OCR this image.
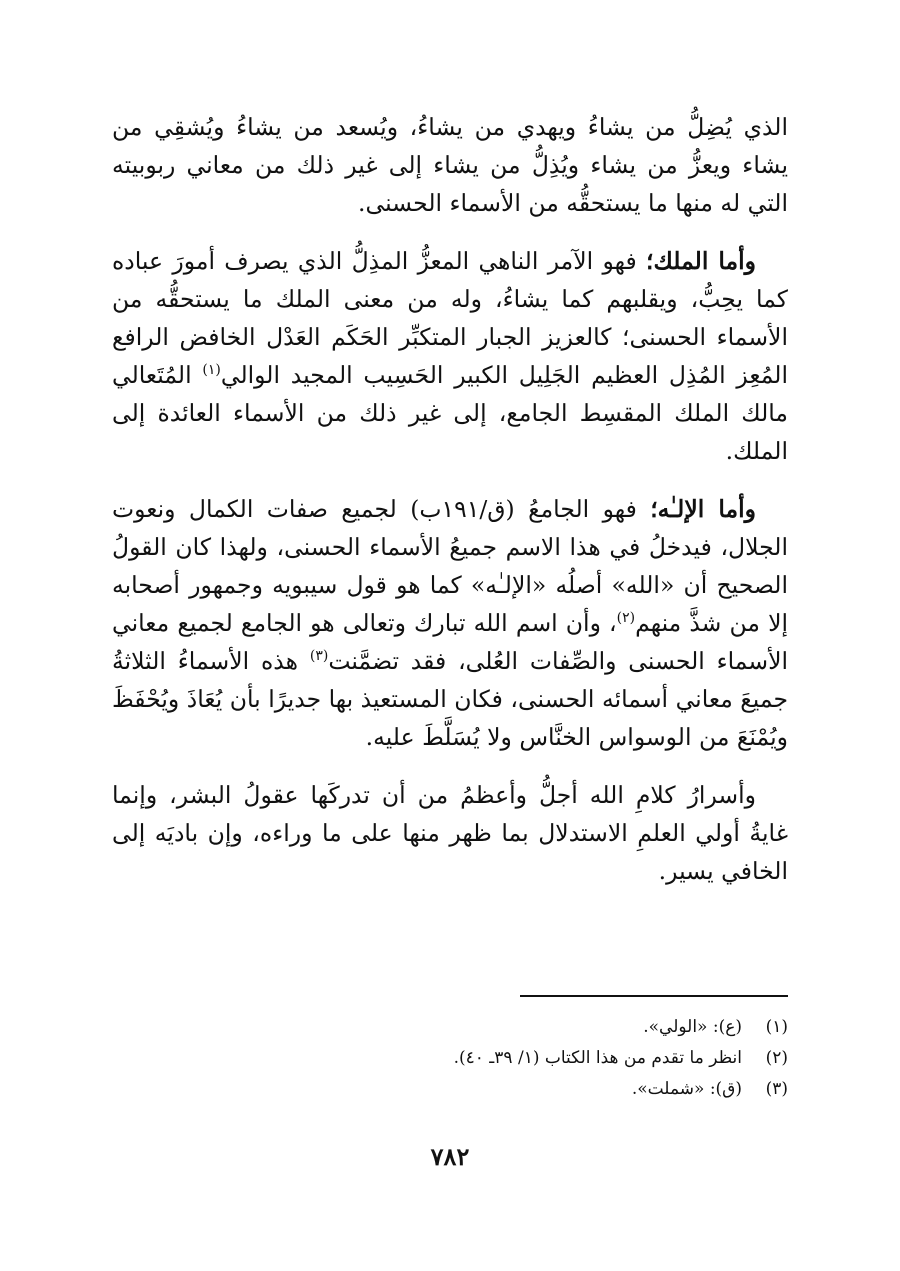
الذي يُضِلُّ من يشاءُ ويهدي من يشاءُ، ويُسعد من يشاءُ ويُشقِي من يشاء ويعزُّ من يشاء ويُذِلُّ من يشاء إلى غير ذلك من معاني ربوبيته التي له منها ما يستحقُّه من الأسماء الحسنى.

وأما الملك؛ فهو الآمر الناهي المعزُّ المذِلُّ الذي يصرف أمورَ عباده كما يحِبُّ، ويقلبهم كما يشاءُ، وله من معنى الملك ما يستحقُّه من الأسماء الحسنى؛ كالعزيز الجبار المتكبِّر الحَكَم العَدْل الخافض الرافع المُعِز المُذِل العظيم الجَلِيل الكبير الحَسِيب المجيد الوالي$^{(١)}$ المُتَعالي مالك الملك المقسِط الجامع، إلى غير ذلك من الأسماء العائدة إلى الملك.

وأما الإلـٰه؛ فهو الجامعُ (ق/١٩١ب) لجميع صفات الكمال ونعوت الجلال، فيدخلُ في هذا الاسم جميعُ الأسماء الحسنى، ولهذا كان القولُ الصحيح أن «الله» أصلُه «الإلـٰه» كما هو قول سيبويه وجمهور أصحابه إلا من شذَّ منهم$^{(٢)}$، وأن اسم الله تبارك وتعالى هو الجامع لجميع معاني الأسماء الحسنى والصِّفات العُلى، فقد تضمَّنت$^{(٣)}$ هذه الأسماءُ الثلاثةُ جميعَ معاني أسمائه الحسنى، فكان المستعيذ بها جديرًا بأن يُعَاذَ ويُحْفَظَ ويُمْنَعَ من الوسواس الخنَّاس ولا يُسَلَّطَ عليه.

وأسرارُ كلامِ الله أجلُّ وأعظمُ من أن تدركَها عقولُ البشر، وإنما غايةُ أولي العلمِ الاستدلال بما ظهر منها على ما وراءه، وإن باديَه إلى الخافي يسير.

(١)
(ع): «الولي».
(٢)
انظر ما تقدم من هذا الكتاب (١/ ٣٩ـ ٤٠).
(٣)
(ق): «شملت».
٧٨٢
